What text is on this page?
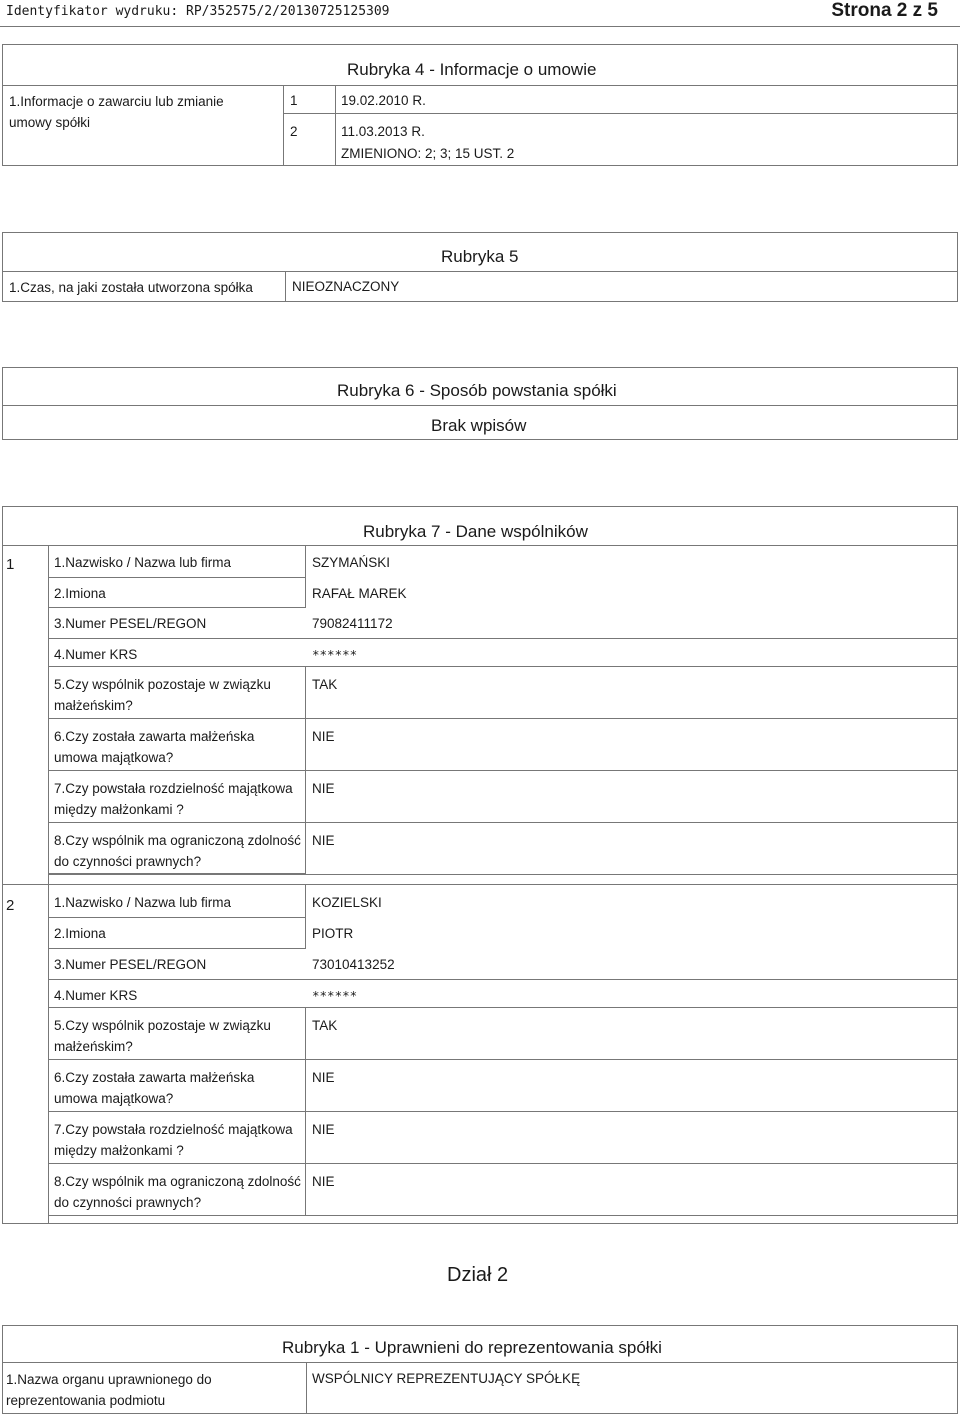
Identyfikator wydruku: RP/352575/2/20130725125309	Strona 2 z 5
Rubryka 4 - Informacje o umowie
1.Informacje o zawarciu lub zmianie umowy spółki
1	19.02.2010 R.
2	11.03.2013 R.
ZMIENIONO: 2; 3; 15 UST. 2
Rubryka 5
1.Czas, na jaki została utworzona spółka	NIEOZNACZONY
Rubryka 6 - Sposób powstania spółki
Brak wpisów
Rubryka 7 - Dane wspólników
1	1.Nazwisko / Nazwa lub firma	SZYMAŃSKI
2.Imiona	RAFAŁ MAREK
3.Numer PESEL/REGON	79082411172
4.Numer KRS	******
5.Czy wspólnik pozostaje w związku małżeńskim?
TAK
6.Czy została zawarta małżeńska umowa majątkowa?
NIE
7.Czy powstała rozdzielność majątkowa między małżonkami ?
NIE
8.Czy wspólnik ma ograniczoną zdolność do czynności prawnych?
NIE
2	1.Nazwisko / Nazwa lub firma	KOZIELSKI
2.Imiona	PIOTR
3.Numer PESEL/REGON	73010413252
4.Numer KRS	******
5.Czy wspólnik pozostaje w związku małżeńskim?
TAK
6.Czy została zawarta małżeńska umowa majątkowa?
NIE
7.Czy powstała rozdzielność majątkowa między małżonkami ?
NIE
8.Czy wspólnik ma ograniczoną zdolność do czynności prawnych?
NIE
Dział 2
Rubryka 1 - Uprawnieni do reprezentowania spółki
1.Nazwa organu uprawnionego do reprezentowania podmiotu
WSPÓLNICY REPREZENTUJĄCY SPÓŁKĘ
